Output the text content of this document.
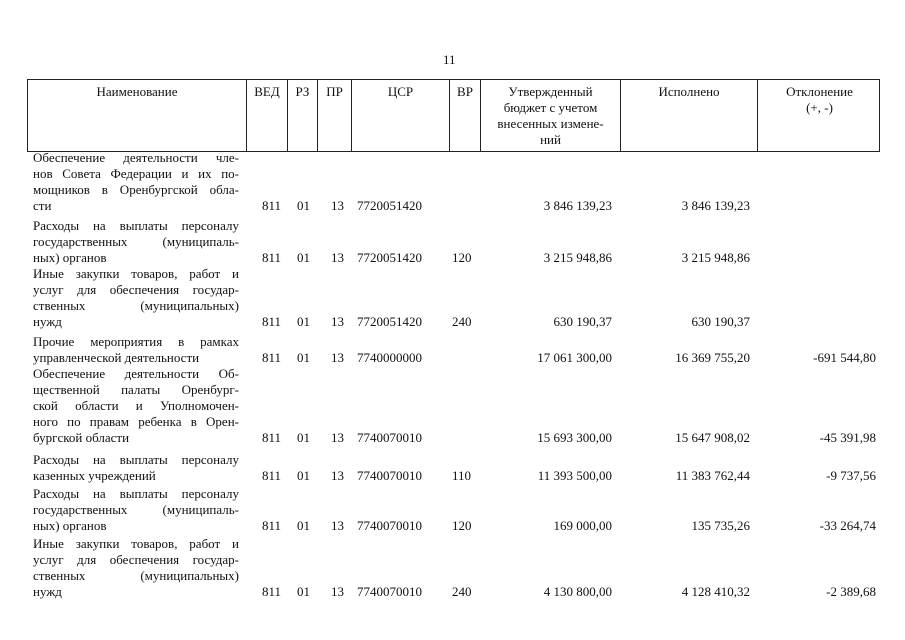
11
Наименование	ВЕД	РЗ	ПР	ЦСР	ВР	Утвержденный
бюджет с учетом
внесенных измене-
ний
Исполнено	Отклонение
(+, -)
Обеспечение деятельности чле-
нов Совета Федерации и их по-
мощников в Оренбургской обла-
сти	811 01 13 7720051420	3 846 139,23	3 846 139,23
Расходы на выплаты персоналу
государственных (муниципаль-
ных) органов	811 01 13 7720051420 120	3 215 948,86	3 215 948,86
Иные закупки товаров, работ и
услуг для обеспечения государ-
ственных (муниципальных)
нужд	811 01 13 7720051420 240	630 190,37	630 190,37
Прочие мероприятия в рамках
управленческой деятельности	811 01 13 7740000000	17 061 300,00	16 369 755,20	-691 544,80
Обеспечение деятельности Об-
щественной палаты Оренбург-
ской области и Уполномочен-
ного по правам ребенка в Орен-
бургской области	811 01 13 7740070010	15 693 300,00	15 647 908,02	-45 391,98
Расходы на выплаты персоналу
казенных учреждений	811 01 13 7740070010 110	11 393 500,00	11 383 762,44	-9 737,56
Расходы на выплаты персоналу
государственных (муниципаль-
ных) органов	811 01 13 7740070010 120	169 000,00	135 735,26	-33 264,74
Иные закупки товаров, работ и
услуг для обеспечения государ-
ственных (муниципальных)
нужд	811 01 13 7740070010 240	4 130 800,00	4 128 410,32	-2 389,68
